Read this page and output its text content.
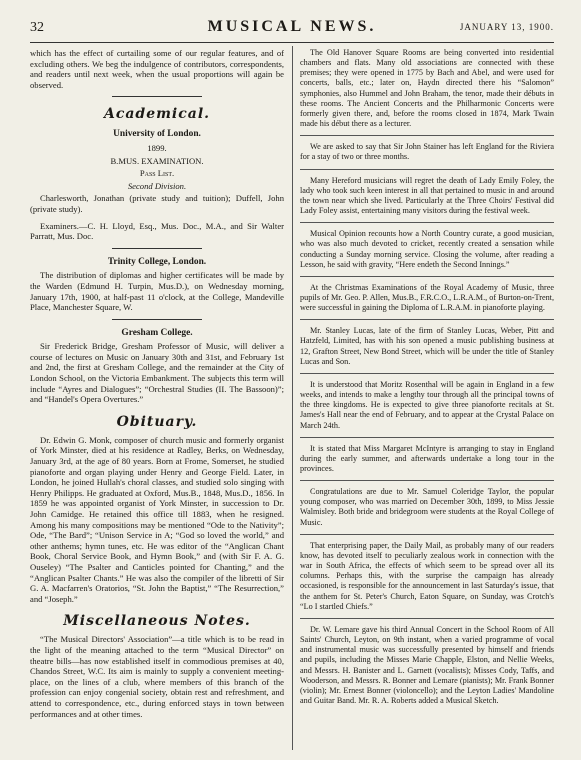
32	MUSICAL NEWS.	JANUARY 13, 1900.

which has the effect of curtailing some of our regular features, and of excluding others. We beg the indulgence of contributors, correspondents, and readers until next week, when the usual proportions will again be observed.

Academical.
University of London.

1899.

B.MUS. EXAMINATION.

Pass List.

Second Division.

Charlesworth, Jonathan (private study and tuition); Duffell, John (private study).

Examiners.—C. H. Lloyd, Esq., Mus. Doc., M.A., and Sir Walter Parratt, Mus. Doc.

Trinity College, London.

The distribution of diplomas and higher certificates will be made by the Warden (Edmund H. Turpin, Mus.D.), on Wednesday morning, January 17th, 1900, at half-past 11 o'clock, at the College, Mandeville Place, Manchester Square, W.

Gresham College.

Sir Frederick Bridge, Gresham Professor of Music, will deliver a course of lectures on Music on January 30th and 31st, and February 1st and 2nd, the first at Gresham College, and the remainder at the City of London School, on the Victoria Embankment. The subjects this term will include “Ayres and Dialogues”; “Orchestral Studies (II. The Bassoon)”; and “Handel's Opera Overtures.”

Obituary.

Dr. Edwin G. Monk, composer of church music and formerly organist of York Minster, died at his residence at Radley, Berks, on Wednesday, January 3rd, at the age of 80 years. Born at Frome, Somerset, he studied pianoforte and organ playing under Henry and George Field. Later, in London, he joined Hullah's choral classes, and studied solo singing with Henry Philipps. He graduated at Oxford, Mus.B., 1848, Mus.D., 1856. In 1859 he was appointed organist of York Minster, in succession to Dr. John Camidge. He retained this office till 1883, when he resigned. Among his many compositions may be mentioned “Ode to the Nativity”; Ode, “The Bard”; “Unison Service in A; “God so loved the world,” and other anthems; hymn tunes, etc. He was editor of the “Anglican Chant Book, Choral Service Book, and Hymn Book,” and (with Sir F. A. G. Ouseley) “The Psalter and Canticles pointed for Chanting,” and the “Anglican Psalter Chants.” He was also the compiler of the libretti of Sir G. A. Macfarren's Oratorios, “St. John the Baptist,” “The Resurrection,” and “Joseph.”

Miscellaneous Notes.

“The Musical Directors' Association”—a title which is to be read in the light of the meaning attached to the term “Musical Director” on theatre bills—has now established itself in commodious premises at 40, Chandos Street, W.C. Its aim is mainly to supply a convenient meeting-place, on the lines of a club, where members of this branch of the profession can enjoy congenial society, obtain rest and refreshment, and attend to correspondence, etc., during enforced stays in town between performances and at other times.

The Old Hanover Square Rooms are being converted into residential chambers and flats. Many old associations are connected with these premises; they were opened in 1775 by Bach and Abel, and were used for concerts, balls, etc.; later on, Haydn directed there his “Salomon” symphonies, also Hummel and John Braham, the tenor, made their débuts in these rooms. The Ancient Concerts and the Philharmonic Concerts were formerly given there, and, before the rooms closed in 1874, Mark Twain made his début there as a lecturer.

We are asked to say that Sir John Stainer has left England for the Riviera for a stay of two or three months.

Many Hereford musicians will regret the death of Lady Emily Foley, the lady who took such keen interest in all that pertained to music in and around the town near which she lived. Particularly at the Three Choirs' Festival did Lady Foley assist, entertaining many visitors during the festival week.

Musical Opinion recounts how a North Country curate, a good musician, who was also much devoted to cricket, recently created a sensation while conducting a Sunday morning service. Closing the volume, after reading a Lesson, he said with gravity, “Here endeth the Second Innings.”

At the Christmas Examinations of the Royal Academy of Music, three pupils of Mr. Geo. P. Allen, Mus.B., F.R.C.O., L.R.A.M., of Burton-on-Trent, were successful in gaining the Diploma of L.R.A.M. in pianoforte playing.

Mr. Stanley Lucas, late of the firm of Stanley Lucas, Weber, Pitt and Hatzfeld, Limited, has with his son opened a music publishing business at 12, Grafton Street, New Bond Street, which will be under the title of Stanley Lucas and Son.

It is understood that Moritz Rosenthal will be again in England in a few weeks, and intends to make a lengthy tour through all the principal towns of the three kingdoms. He is expected to give three pianoforte recitals at St. James's Hall near the end of February, and to appear at the Crystal Palace on March 24th.

It is stated that Miss Margaret McIntyre is arranging to stay in England during the early summer, and afterwards undertake a long tour in the provinces.

Congratulations are due to Mr. Samuel Coleridge Taylor, the popular young composer, who was married on December 30th, 1899, to Miss Jessie Walmisley. Both bride and bridegroom were students at the Royal College of Music.

That enterprising paper, the Daily Mail, as probably many of our readers know, has devoted itself to peculiarly zealous work in connection with the war in South Africa, the effects of which seem to be spread over all its columns. Perhaps this, with the surprise the campaign has already occasioned, is responsible for the announcement in last Saturday's issue, that the anthem for St. Peter's Church, Eaton Square, on Sunday, was Crotch's “Lo I startled Chiefs.”

Dr. W. Lemare gave his third Annual Concert in the School Room of All Saints' Church, Leyton, on 9th instant, when a varied programme of vocal and instrumental music was successfully presented by himself and friends and pupils, including the Misses Marie Chapple, Elston, and Nellie Weeks, and Messrs. H. Banister and L. Garnett (vocalists); Misses Cody, Taffs, and Wooderson, and Messrs. R. Bonner and Lemare (pianists); Mr. Frank Bonner (violin); Mr. Ernest Bonner (violoncello); and the Leyton Ladies' Mandoline and Guitar Band. Mr. R. A. Roberts added a Musical Sketch.
